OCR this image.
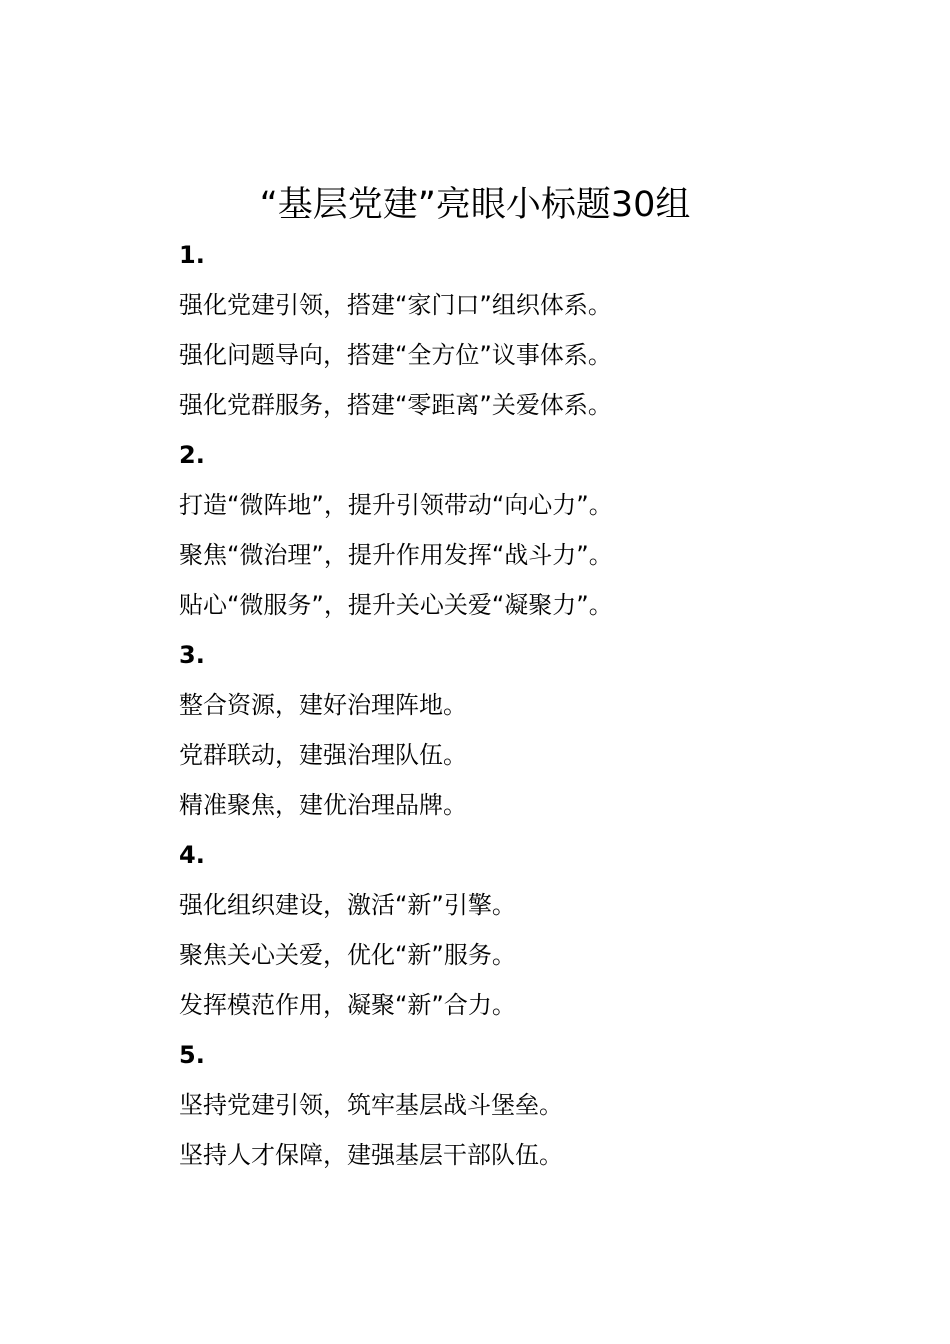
“基层党建”亮眼小标题30组

1.

强化党建引领，搭建“家门口”组织体系。

强化问题导向，搭建“全方位”议事体系。

强化党群服务，搭建“零距离”关爱体系。

2.

打造“微阵地”，提升引领带动“向心力”。

聚焦“微治理”，提升作用发挥“战斗力”。

贴心“微服务”，提升关心关爱“凝聚力”。

3.

整合资源，建好治理阵地。

党群联动，建强治理队伍。

精准聚焦，建优治理品牌。

4.

强化组织建设，激活“新”引擎。

聚焦关心关爱，优化“新”服务。

发挥模范作用，凝聚“新”合力。

5.

坚持党建引领，筑牢基层战斗堡垒。

坚持人才保障，建强基层干部队伍。
